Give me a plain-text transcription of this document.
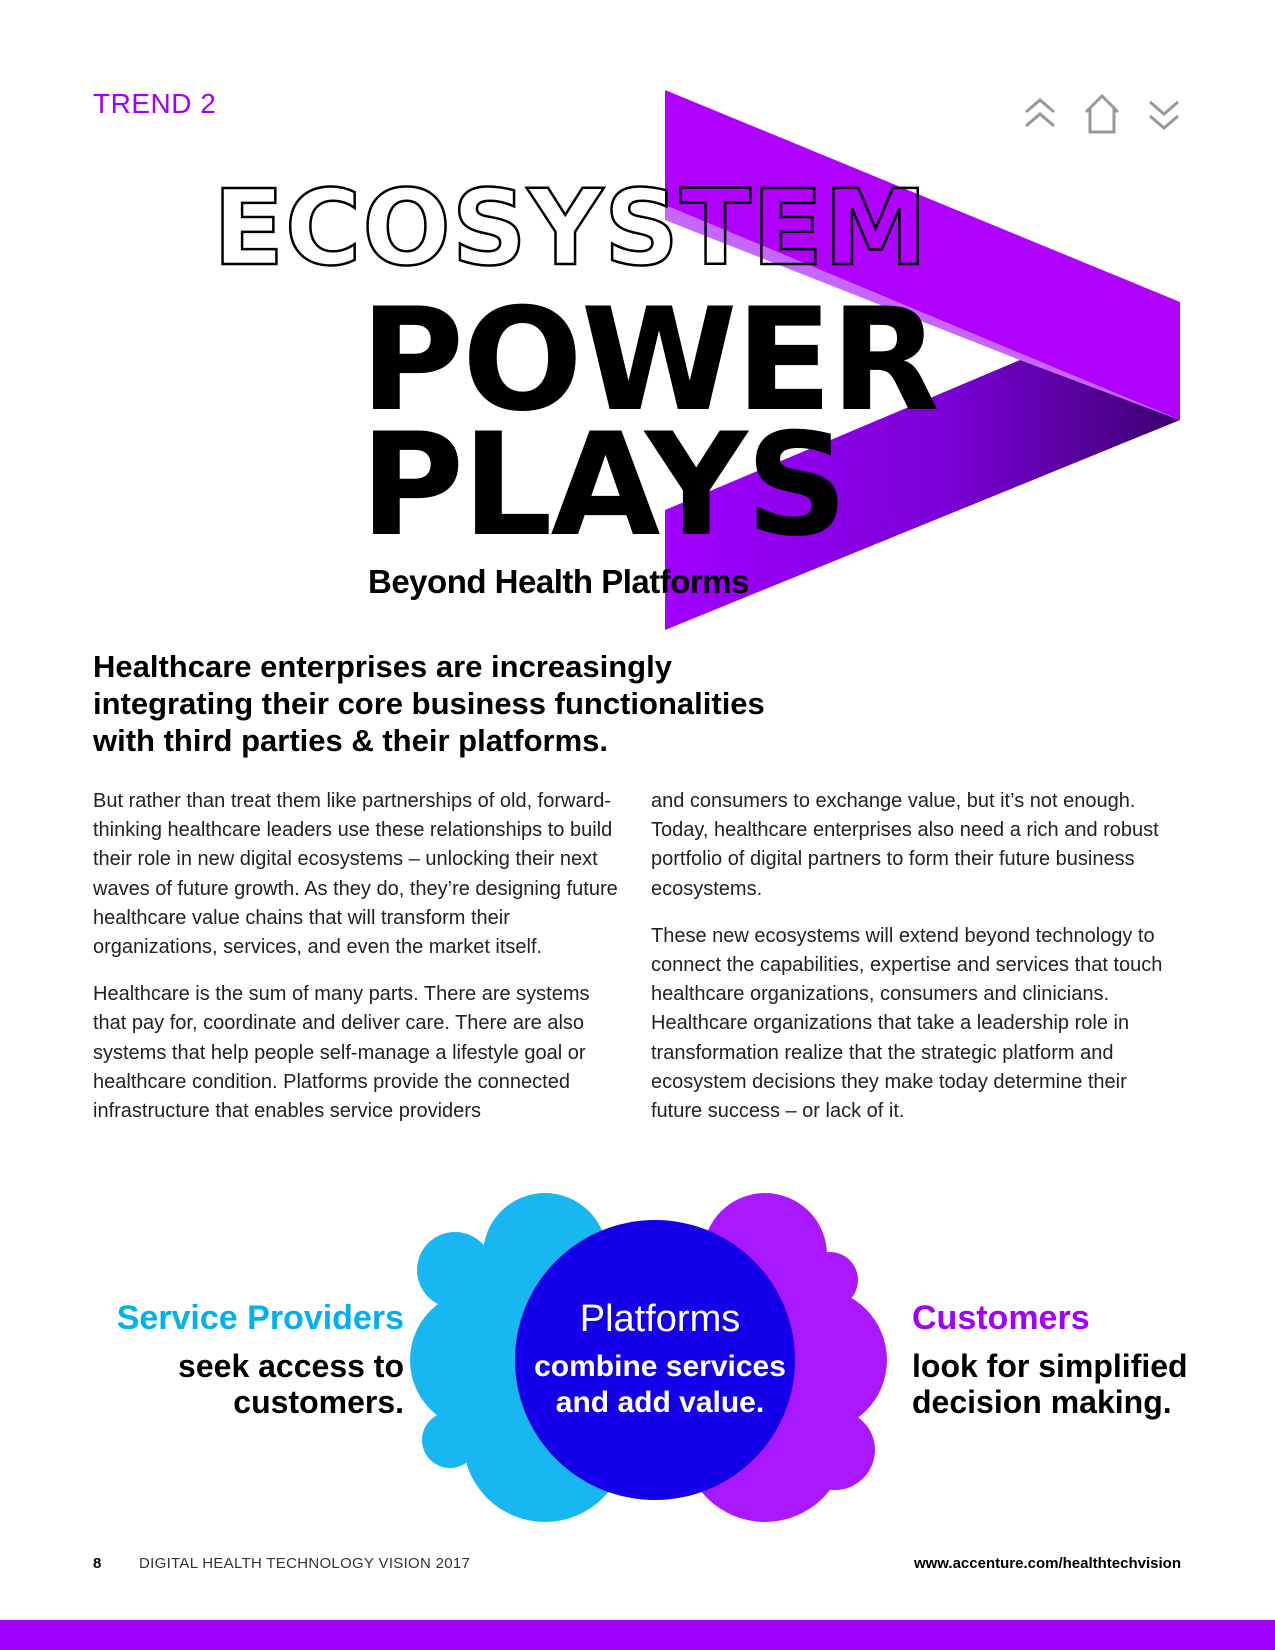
TREND 2
ECOSYSTEM
POWER
PLAYS
Beyond Health Platforms

Healthcare enterprises are increasingly integrating their core business functionalities with third parties & their platforms.

But rather than treat them like partnerships of old, forward-thinking healthcare leaders use these relationships to build their role in new digital ecosystems – unlocking their next waves of future growth. As they do, they’re designing future healthcare value chains that will transform their organizations, services, and even the market itself.

Healthcare is the sum of many parts. There are systems that pay for, coordinate and deliver care. There are also systems that help people self-manage a lifestyle goal or healthcare condition. Platforms provide the connected infrastructure that enables service providers

and consumers to exchange value, but it’s not enough. Today, healthcare enterprises also need a rich and robust portfolio of digital partners to form their future business ecosystems.

These new ecosystems will extend beyond technology to connect the capabilities, expertise and services that touch healthcare organizations, consumers and clinicians. Healthcare organizations that take a leadership role in transformation realize that the strategic platform and ecosystem decisions they make today determine their future success – or lack of it.

Service Providers
seek access to customers.
Platforms
combine services and add value.
Customers
look for simplified decision making.
8	DIGITAL HEALTH TECHNOLOGY VISION 2017	www.accenture.com/healthtechvision
